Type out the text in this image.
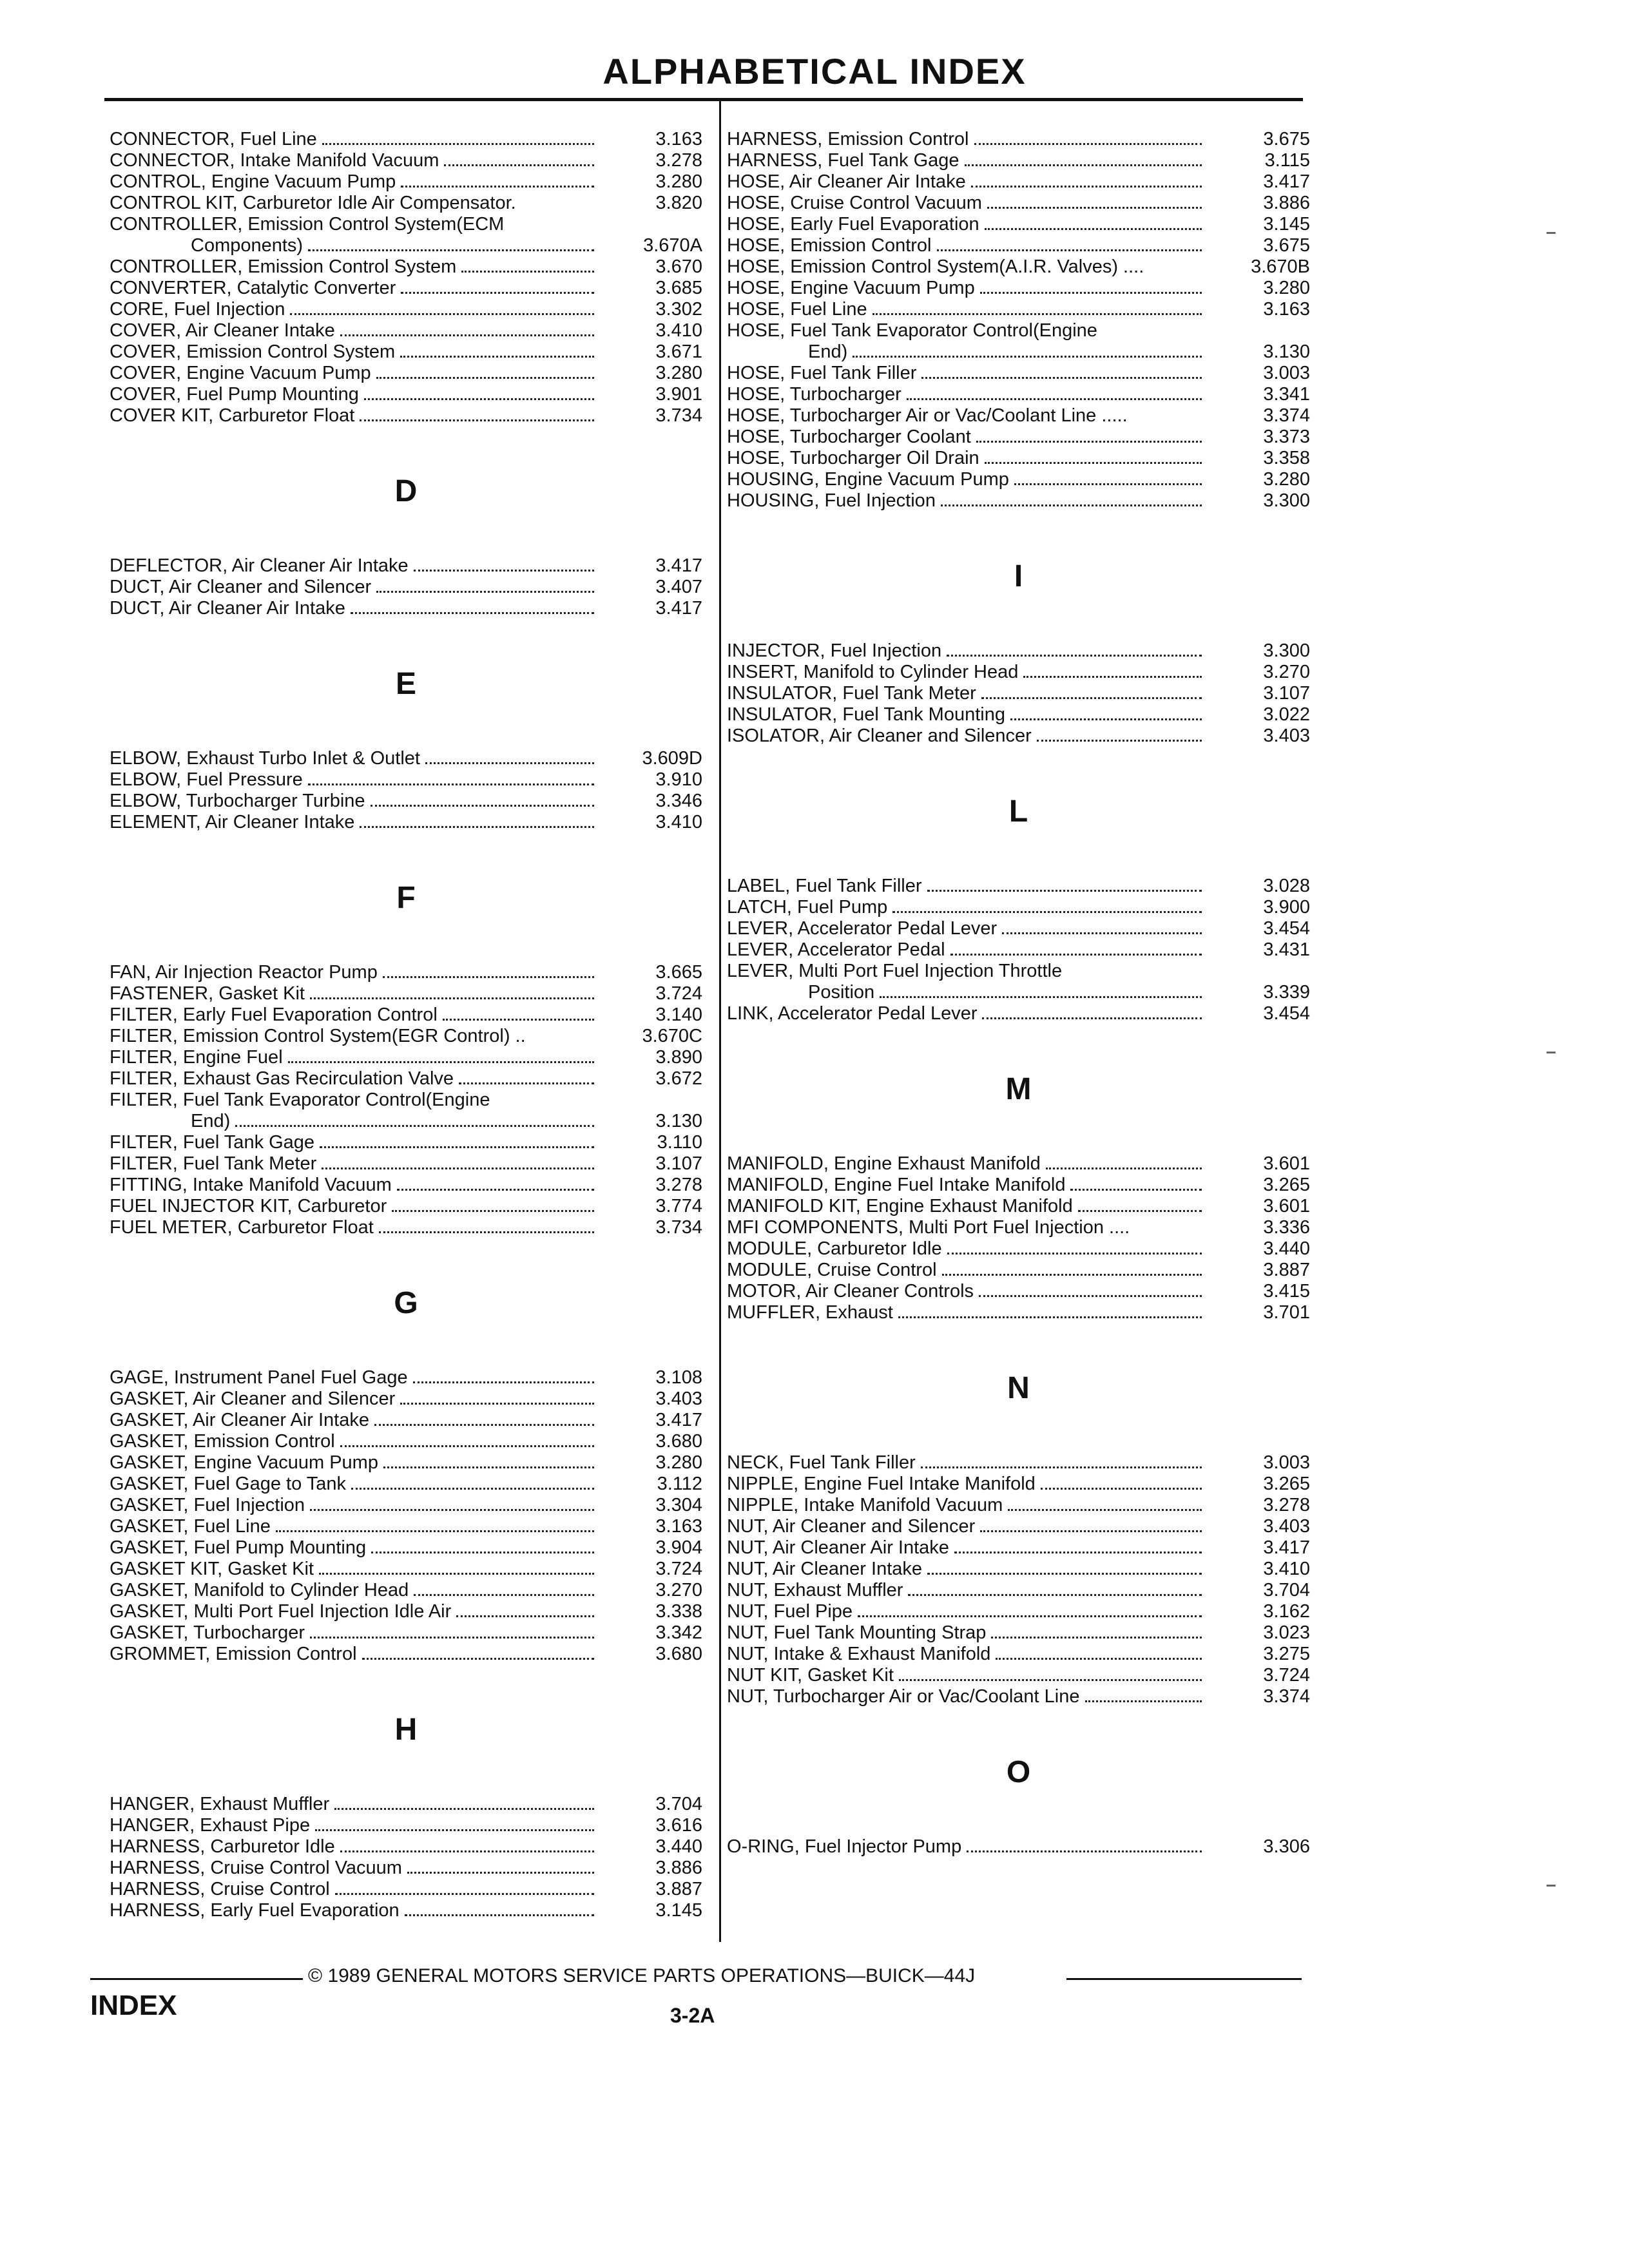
ALPHABETICAL INDEX
CONNECTOR, Fuel Line	3.163
CONNECTOR, Intake Manifold Vacuum	3.278
CONTROL, Engine Vacuum Pump	3.280
CONTROL KIT, Carburetor Idle Air Compensator.	3.820
CONTROLLER, Emission Control System(ECM
Components)	3.670A
CONTROLLER, Emission Control System	3.670
CONVERTER, Catalytic Converter	3.685
CORE, Fuel Injection	3.302
COVER, Air Cleaner Intake	3.410
COVER, Emission Control System	3.671
COVER, Engine Vacuum Pump	3.280
COVER, Fuel Pump Mounting	3.901
COVER KIT, Carburetor Float	3.734
D
DEFLECTOR, Air Cleaner Air Intake	3.417
DUCT, Air Cleaner and Silencer	3.407
DUCT, Air Cleaner Air Intake	3.417
E
ELBOW, Exhaust Turbo Inlet & Outlet	3.609D
ELBOW, Fuel Pressure	3.910
ELBOW, Turbocharger Turbine	3.346
ELEMENT, Air Cleaner Intake	3.410
F
FAN, Air Injection Reactor Pump	3.665
FASTENER, Gasket Kit	3.724
FILTER, Early Fuel Evaporation Control	3.140
FILTER, Emission Control System(EGR Control) ..	3.670C
FILTER, Engine Fuel	3.890
FILTER, Exhaust Gas Recirculation Valve	3.672
FILTER, Fuel Tank Evaporator Control(Engine
End)	3.130
FILTER, Fuel Tank Gage	3.110
FILTER, Fuel Tank Meter	3.107
FITTING, Intake Manifold Vacuum	3.278
FUEL INJECTOR KIT, Carburetor	3.774
FUEL METER, Carburetor Float	3.734
G
GAGE, Instrument Panel Fuel Gage	3.108
GASKET, Air Cleaner and Silencer	3.403
GASKET, Air Cleaner Air Intake	3.417
GASKET, Emission Control	3.680
GASKET, Engine Vacuum Pump	3.280
GASKET, Fuel Gage to Tank	3.112
GASKET, Fuel Injection	3.304
GASKET, Fuel Line	3.163
GASKET, Fuel Pump Mounting	3.904
GASKET KIT, Gasket Kit	3.724
GASKET, Manifold to Cylinder Head	3.270
GASKET, Multi Port Fuel Injection Idle Air	3.338
GASKET, Turbocharger	3.342
GROMMET, Emission Control	3.680
H
HANGER, Exhaust Muffler	3.704
HANGER, Exhaust Pipe	3.616
HARNESS, Carburetor Idle	3.440
HARNESS, Cruise Control Vacuum	3.886
HARNESS, Cruise Control	3.887
HARNESS, Early Fuel Evaporation	3.145
HARNESS, Emission Control	3.675
HARNESS, Fuel Tank Gage	3.115
HOSE, Air Cleaner Air Intake	3.417
HOSE, Cruise Control Vacuum	3.886
HOSE, Early Fuel Evaporation	3.145
HOSE, Emission Control	3.675
HOSE, Emission Control System(A.I.R. Valves) ....	3.670B
HOSE, Engine Vacuum Pump	3.280
HOSE, Fuel Line	3.163
HOSE, Fuel Tank Evaporator Control(Engine
End)	3.130
HOSE, Fuel Tank Filler	3.003
HOSE, Turbocharger	3.341
HOSE, Turbocharger Air or Vac/Coolant Line .....	3.374
HOSE, Turbocharger Coolant	3.373
HOSE, Turbocharger Oil Drain	3.358
HOUSING, Engine Vacuum Pump	3.280
HOUSING, Fuel Injection	3.300
I
INJECTOR, Fuel Injection	3.300
INSERT, Manifold to Cylinder Head	3.270
INSULATOR, Fuel Tank Meter	3.107
INSULATOR, Fuel Tank Mounting	3.022
ISOLATOR, Air Cleaner and Silencer	3.403
L
LABEL, Fuel Tank Filler	3.028
LATCH, Fuel Pump	3.900
LEVER, Accelerator Pedal Lever	3.454
LEVER, Accelerator Pedal	3.431
LEVER, Multi Port Fuel Injection Throttle
Position	3.339
LINK, Accelerator Pedal Lever	3.454
M
MANIFOLD, Engine Exhaust Manifold	3.601
MANIFOLD, Engine Fuel Intake Manifold	3.265
MANIFOLD KIT, Engine Exhaust Manifold	3.601
MFI COMPONENTS, Multi Port Fuel Injection ....	3.336
MODULE, Carburetor Idle	3.440
MODULE, Cruise Control	3.887
MOTOR, Air Cleaner Controls	3.415
MUFFLER, Exhaust	3.701
N
NECK, Fuel Tank Filler	3.003
NIPPLE, Engine Fuel Intake Manifold	3.265
NIPPLE, Intake Manifold Vacuum	3.278
NUT, Air Cleaner and Silencer	3.403
NUT, Air Cleaner Air Intake	3.417
NUT, Air Cleaner Intake	3.410
NUT, Exhaust Muffler	3.704
NUT, Fuel Pipe	3.162
NUT, Fuel Tank Mounting Strap	3.023
NUT, Intake & Exhaust Manifold	3.275
NUT KIT, Gasket Kit	3.724
NUT, Turbocharger Air or Vac/Coolant Line	3.374
O
O-RING, Fuel Injector Pump	3.306
© 1989 GENERAL MOTORS SERVICE PARTS OPERATIONS—BUICK—44J
INDEX	3-2A
